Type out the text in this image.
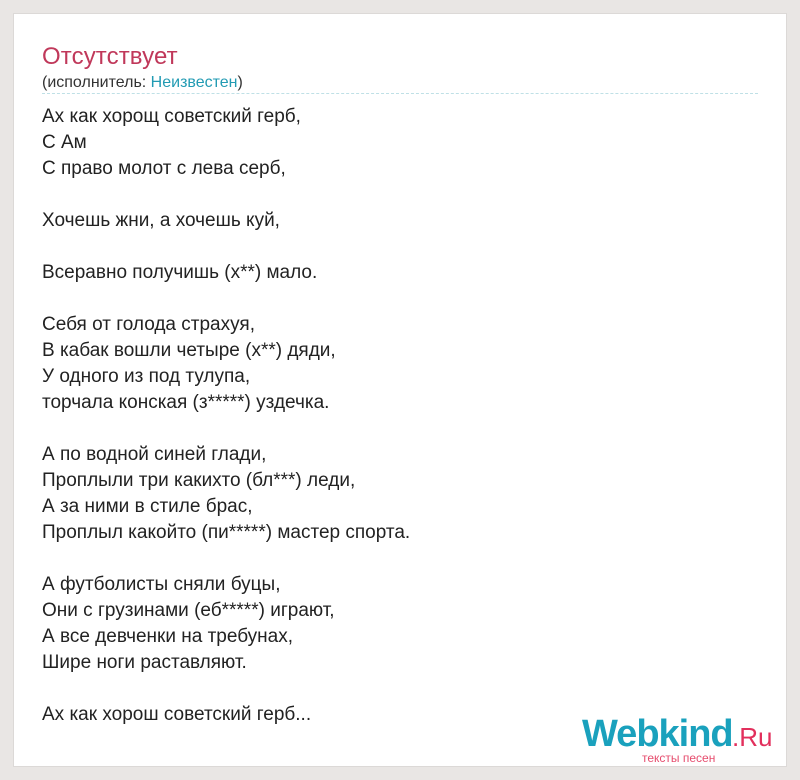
Отсутствует
(исполнитель: Неизвестен)
Ах как хорощ советский герб,
С Ам
С право молот с лева серб,
Хочешь жни, а хочешь куй,
Всеравно получишь (х**) мало.
Себя от голода страхуя,
В кабак вошли четыре (х**) дяди,
У одного из под тулупа,
торчала конская (з*****) уздечка.
А по водной синей глади,
Проплыли три какихто (бл***) леди,
А за ними в стиле брас,
Проплыл какойто (пи*****) мастер спорта.
А футболисты сняли буцы,
Они с грузинами (еб*****) играют,
А все девченки на требунах,
Шире ноги раставляют.
Ах как хорош советский герб...	Webkind .Ru
тексты песен
